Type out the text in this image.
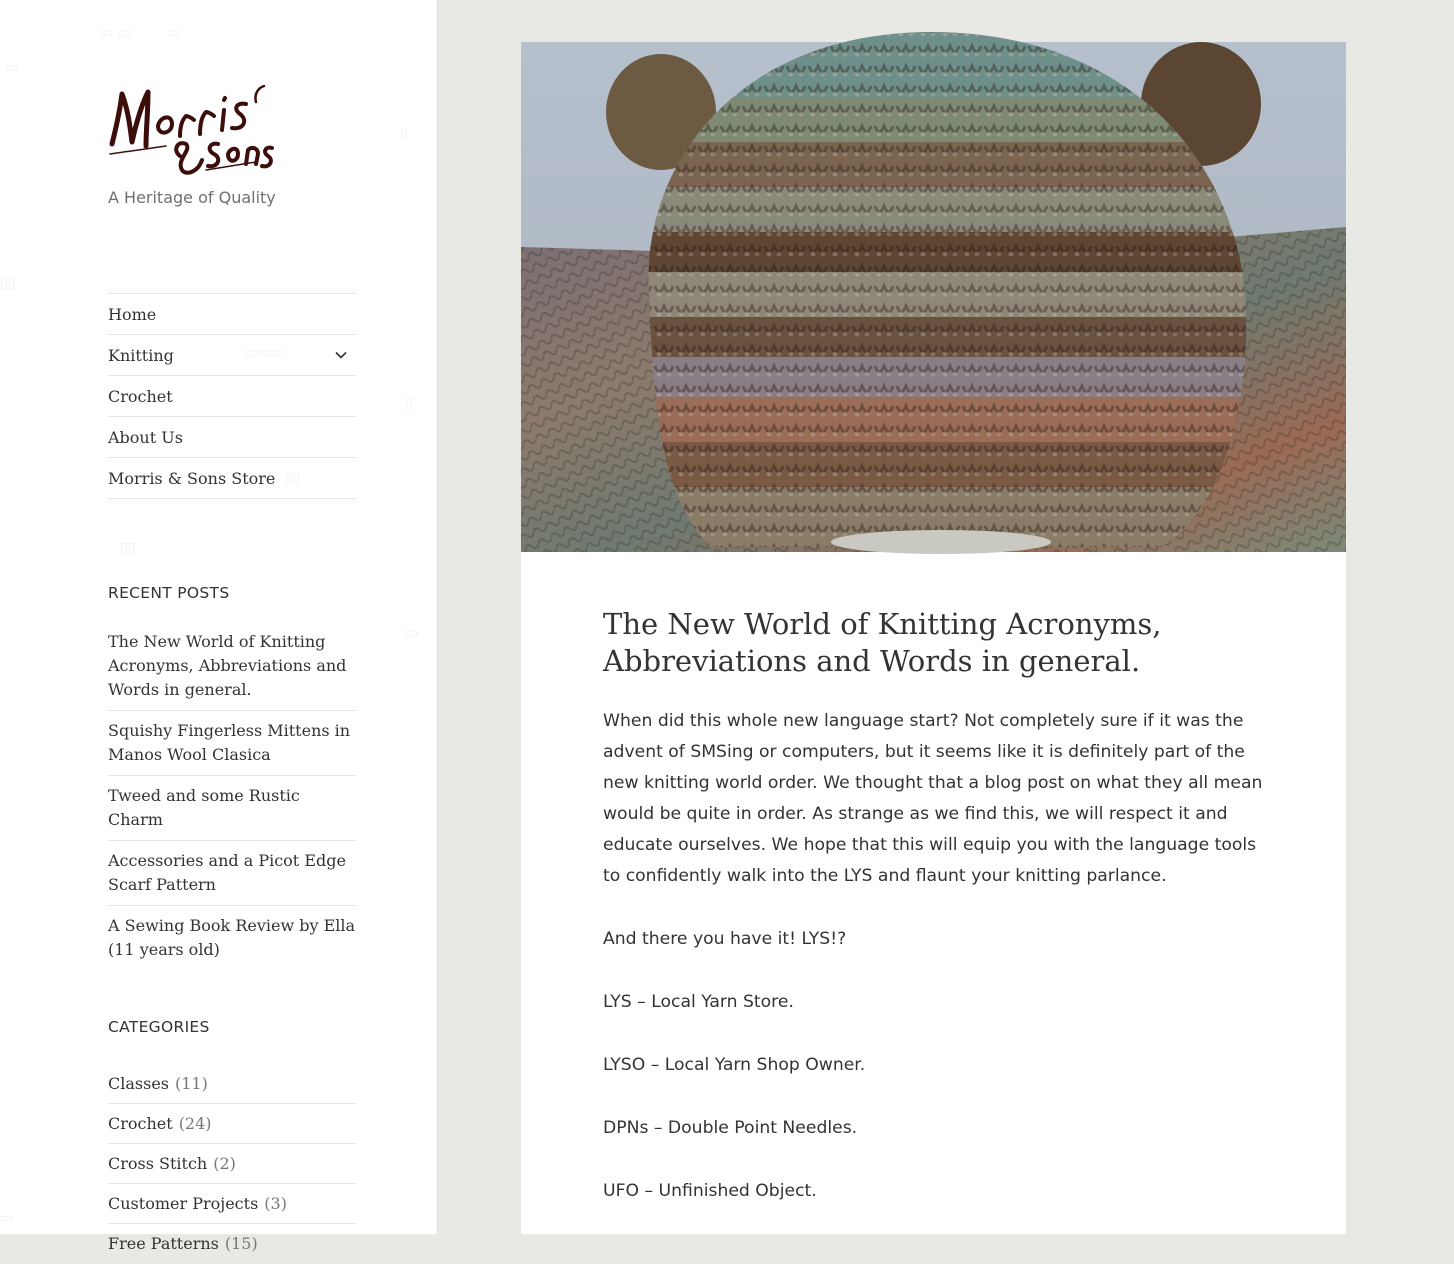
▭ ▭        ▭
▭
▯
▯▯
▭▭▭
▯
▯▯
▯▯
▭
▭
A Heritage of Quality
Home
Knitting
Crochet
About Us
Morris & Sons Store
RECENT POSTS
The New World of Knitting Acronyms, Abbreviations and Words in general.
Squishy Fingerless Mittens in Manos Wool Clasica
Tweed and some Rustic Charm
Accessories and a Picot Edge Scarf Pattern
A Sewing Book Review by Ella (11 years old)
CATEGORIES
Classes (11)
Crochet (24)
Cross Stitch (2)
Customer Projects (3)
Free Patterns (15)
The New World of Knitting Acronyms, Abbreviations and Words in general.

When did this whole new language start? Not completely sure if it was the advent of SMSing or computers, but it seems like it is definitely part of the new knitting world order. We thought that a blog post on what they all mean would be quite in order. As strange as we find this, we will respect it and educate ourselves. We hope that this will equip you with the language tools to confidently walk into the LYS and flaunt your knitting parlance.

And there you have it! LYS!?

LYS – Local Yarn Store.

LYSO – Local Yarn Shop Owner.

DPNs – Double Point Needles.

UFO – Unfinished Object.
